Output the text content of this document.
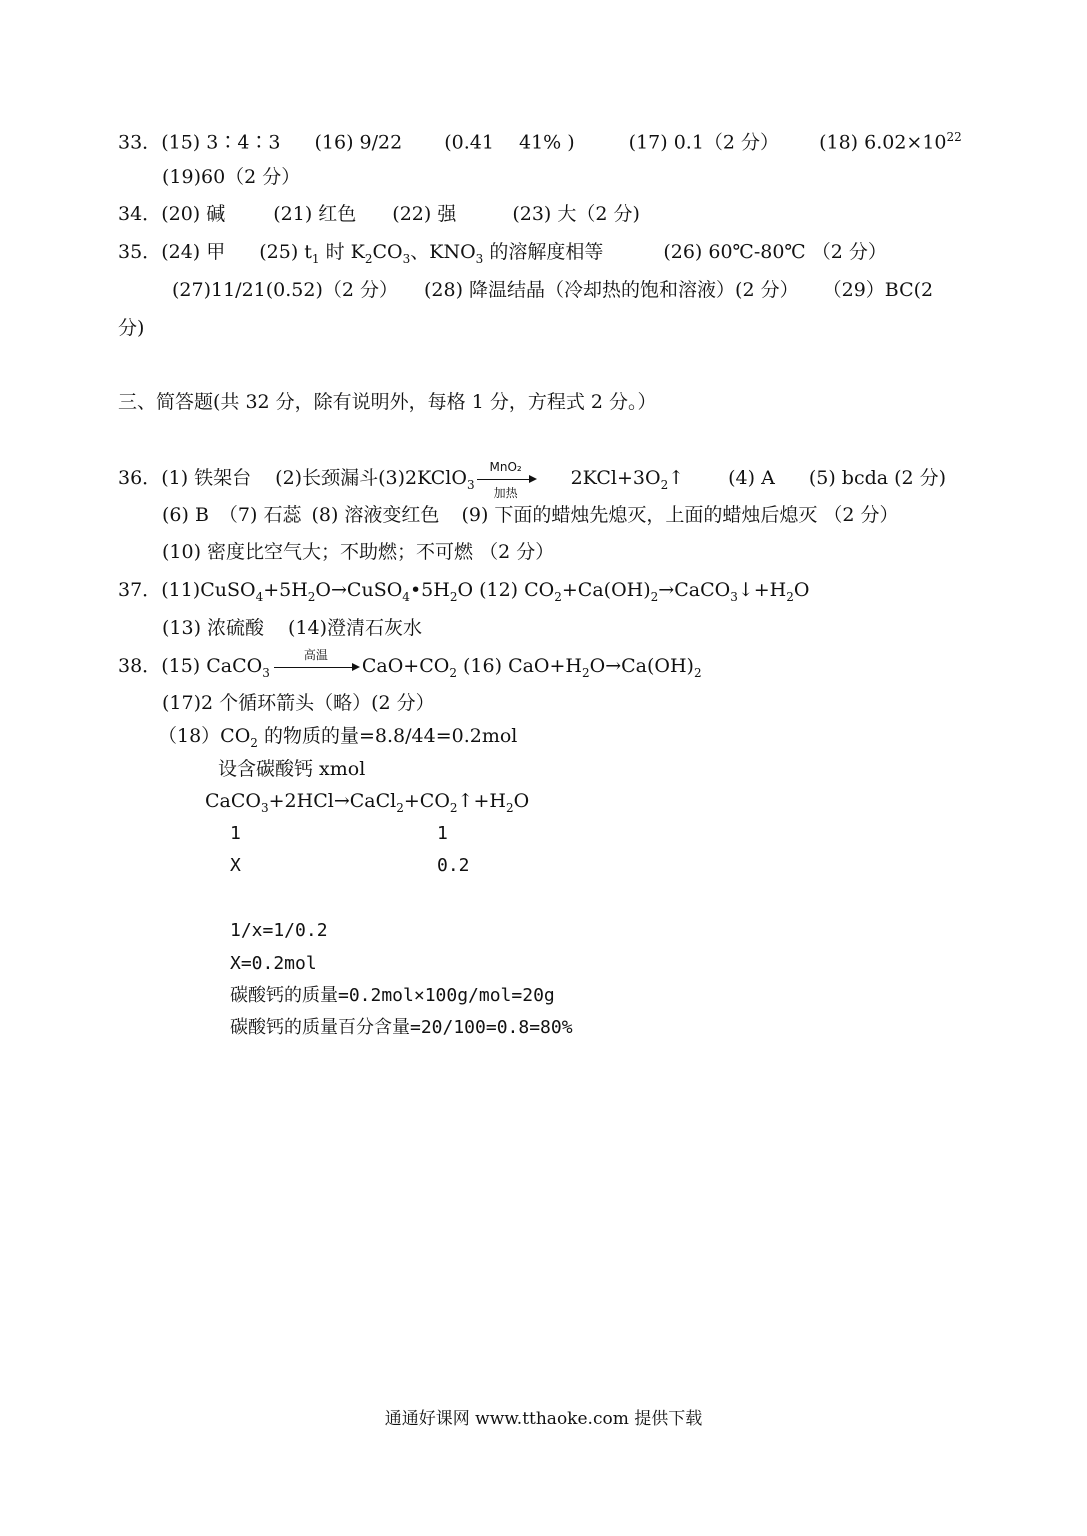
33．(15) 3∶4∶3 (16) 9/22 (0.41　 41% )	(17) 0.1（2 分） (18) $6.02\times 10^{22}$
(19)60（2 分）
34．(20) 碱	(21) 红色 (22) 强	(23) 大（2 分)
35．(24) 甲 (25) $t_1$ 时 $K_2CO_3$、$KNO_3$ 的溶解度相等	(26) 60℃-80℃ （2 分）
(27)11/21(0.52)（2 分） (28) 降温结晶（冷却热的饱和溶液）(2 分） （29）BC(2
分)
三、简答题(共 32 分，除有说明外，每格 1 分，方程式 2 分。）
36．(1) 铁架台 (2)长颈漏斗(3)2KClO$_3$
MnO₂
加热
$2KCl+3O_2↑$ (4) A (5) bcda (2 分)
(6) B （7) 石蕊 (8) 溶液变红色 (9) 下面的蜡烛先熄灭，上面的蜡烛后熄灭 （2 分）
(10) 密度比空气大；不助燃；不可燃 （2 分）
37．$(11)CuSO_4+5H_2O\to CuSO_4•5H_2O$ (12) $CO_2+Ca(OH)_2\to CaCO_3↓+H_2O$
(13) 浓硫酸 (14)澄清石灰水
38．(15) CaCO$_3$
高温
$CaO+CO_2$ (16) $CaO+H_2O\to Ca(OH)_2$
(17)2 个循环箭头（略）(2 分）
$(18)CO_2$ 的物质的量=8.8/44=0.2mol
设含碳酸钙 xmol
$CaCO_3+2HCl\to CaCl_2+CO_2↑+H_2O$
1	1
X	0.2
1/x=1/0.2
X=0.2mol
碳酸钙的质量=0.2mol×100g/mol=20g
碳酸钙的质量百分含量=20/100=0.8=80%
通通好课网 www.tthaoke.com 提供下载
